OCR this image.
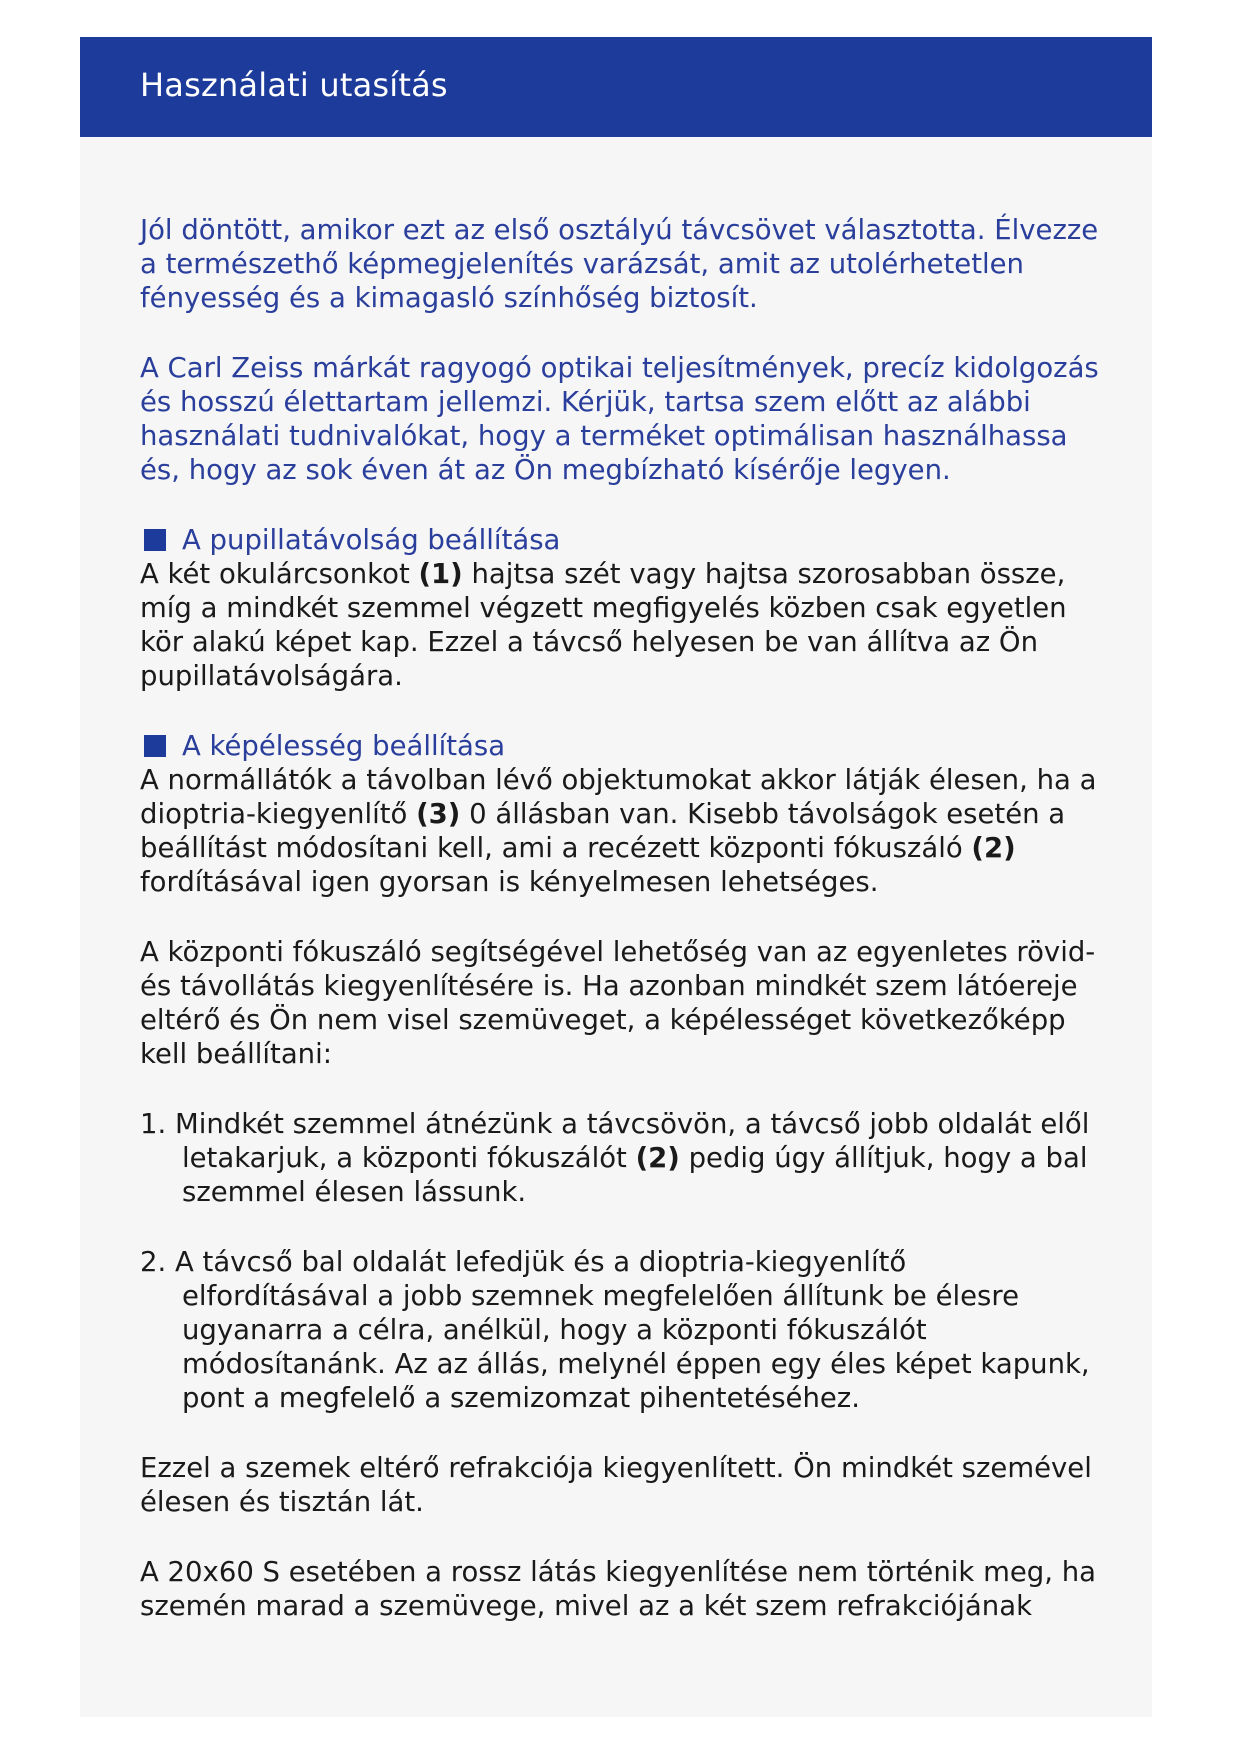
Használati utasítás

Jól döntött, amikor ezt az első osztályú távcsövet választotta. Élvezze a természethő képmegjelenítés varázsát, amit az utolérhetetlen fényesség és a kimagasló színhőség biztosít.

A Carl Zeiss márkát ragyogó optikai teljesítmények, precíz kidolgozás és hosszú élettartam jellemzi. Kérjük, tartsa szem előtt az alábbi használati tudnivalókat, hogy a terméket optimálisan használhassa és, hogy az sok éven át az Ön megbízható kísérője legyen.

A pupillatávolság beállítása

A két okulárcsonkot (1) hajtsa szét vagy hajtsa szorosabban össze, míg a mindkét szemmel végzett megfigyelés közben csak egyetlen kör alakú képet kap. Ezzel a távcső helyesen be van állítva az Ön pupillatávolságára.

A képélesség beállítása

A normállátók a távolban lévő objektumokat akkor látják élesen, ha a dioptria-kiegyenlítő (3) 0 állásban van. Kisebb távolságok esetén a beállítást módosítani kell, ami a recézett központi fókuszáló (2) fordításával igen gyorsan is kényelmesen lehetséges.

A központi fókuszáló segítségével lehetőség van az egyenletes rövid- és távollátás kiegyenlítésére is. Ha azonban mindkét szem látóereje eltérő és Ön nem visel szemüveget, a képélességet következőképp kell beállítani:

1. Mindkét szemmel átnézünk a távcsövön, a távcső jobb oldalát elől letakarjuk, a központi fókuszálót (2) pedig úgy állítjuk, hogy a bal szemmel élesen lássunk.

2. A távcső bal oldalát lefedjük és a dioptria-kiegyenlítő elfordításával a jobb szemnek megfelelően állítunk be élesre ugyanarra a célra, anélkül, hogy a központi fókuszálót módosítanánk. Az az állás, melynél éppen egy éles képet kapunk, pont a megfelelő a szemizomzat pihentetéséhez.

Ezzel a szemek eltérő refrakciója kiegyenlített. Ön mindkét szemével élesen és tisztán lát.

A 20x60 S esetében a rossz látás kiegyenlítése nem történik meg, ha szemén marad a szemüvege, mivel az a két szem refrakciójának
